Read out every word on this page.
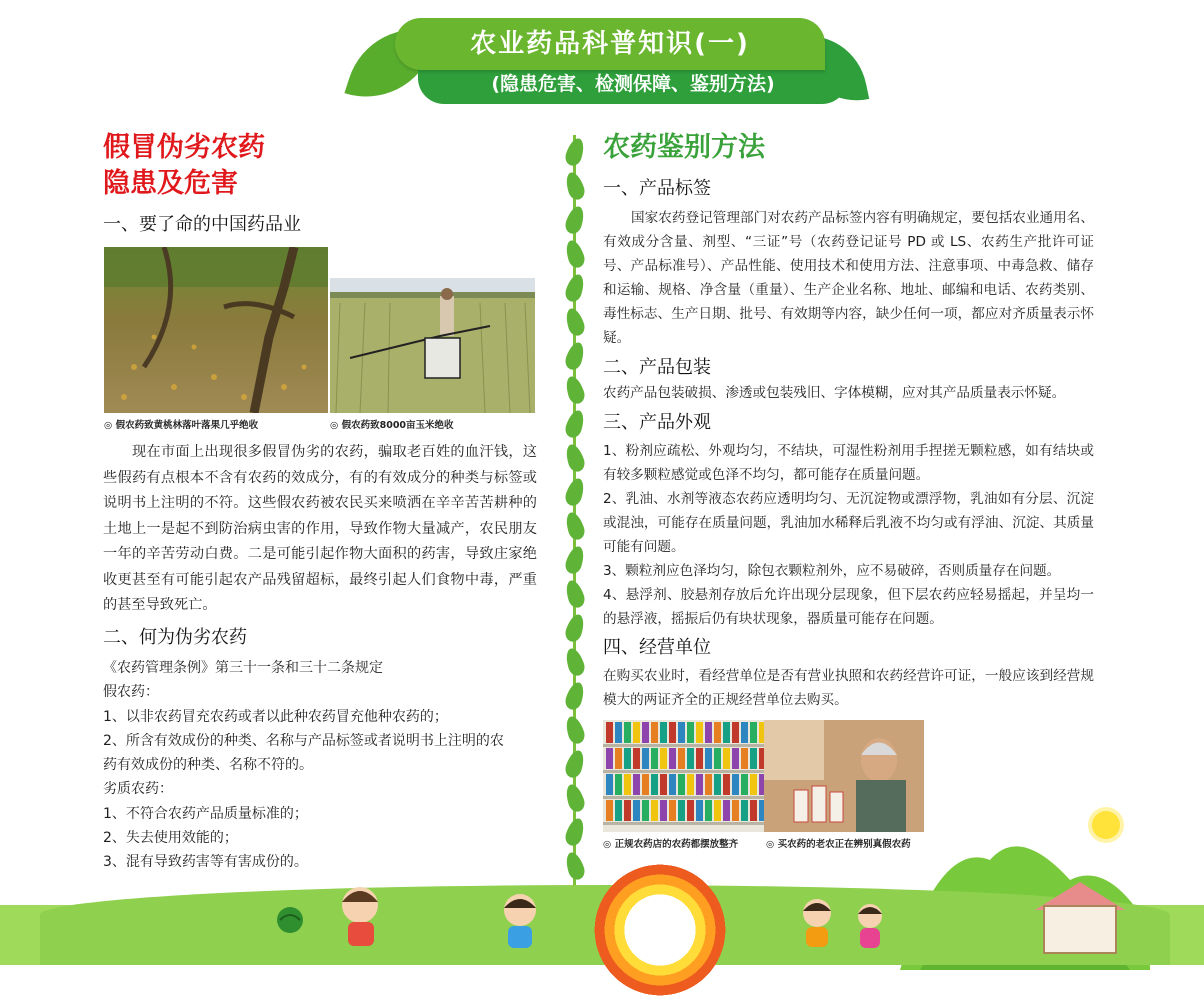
(隐患危害、检测保障、鉴别方法)
农业药品科普知识(一)
假冒伪劣农药
隐患及危害
一、要了命的中国药品业
◎ 假农药致黄桃林落叶落果几乎绝收	◎ 假农药致8000亩玉米绝收
现在市面上出现很多假冒伪劣的农药，骗取老百姓的血汗钱，这些假药有点根本不含有农药的效成分，有的有效成分的种类与标签或说明书上注明的不符。这些假农药被农民买来喷洒在辛辛苦苦耕种的土地上一是起不到防治病虫害的作用，导致作物大量减产，农民朋友一年的辛苦劳动白费。二是可能引起作物大面积的药害，导致庄家绝收更甚至有可能引起农产品残留超标，最终引起人们食物中毒，严重的甚至导致死亡。
二、何为伪劣农药
《农药管理条例》第三十一条和三十二条规定
假农药：
1、以非农药冒充农药或者以此种农药冒充他种农药的；
2、所含有效成份的种类、名称与产品标签或者说明书上注明的农
药有效成份的种类、名称不符的。
劣质农药：
1、不符合农药产品质量标准的；
2、失去使用效能的；
3、混有导致药害等有害成份的。
农药鉴别方法
一、产品标签
国家农药登记管理部门对农药产品标签内容有明确规定，要包括农业通用名、有效成分含量、剂型、“三证”号（农药登记证号 PD 或 LS、农药生产批许可证号、产品标准号）、产品性能、使用技术和使用方法、注意事项、中毒急救、储存和运输、规格、净含量（重量）、生产企业名称、地址、邮编和电话、农药类别、毒性标志、生产日期、批号、有效期等内容，缺少任何一项，都应对齐质量表示怀疑。
二、产品包装
农药产品包装破损、渗透或包装残旧、字体模糊，应对其产品质量表示怀疑。
三、产品外观
1、粉剂应疏松、外观均匀，不结块，可湿性粉剂用手捏搓无颗粒感，如有结块或有较多颗粒感觉或色泽不均匀，都可能存在质量问题。
2、乳油、水剂等液态农药应透明均匀、无沉淀物或漂浮物，乳油如有分层、沉淀或混浊，可能存在质量问题，乳油加水稀释后乳液不均匀或有浮油、沉淀、其质量可能有问题。
3、颗粒剂应色泽均匀，除包衣颗粒剂外，应不易破碎，否则质量存在问题。
4、悬浮剂、胶悬剂存放后允许出现分层现象，但下层农药应轻易摇起，并呈均一的悬浮液，摇振后仍有块状现象，器质量可能存在问题。
四、经营单位
在购买农业时，看经营单位是否有营业执照和农药经营许可证，一般应该到经营规模大的两证齐全的正规经营单位去购买。
◎ 正规农药店的农药都摆放整齐	◎ 买农药的老农正在辨别真假农药
